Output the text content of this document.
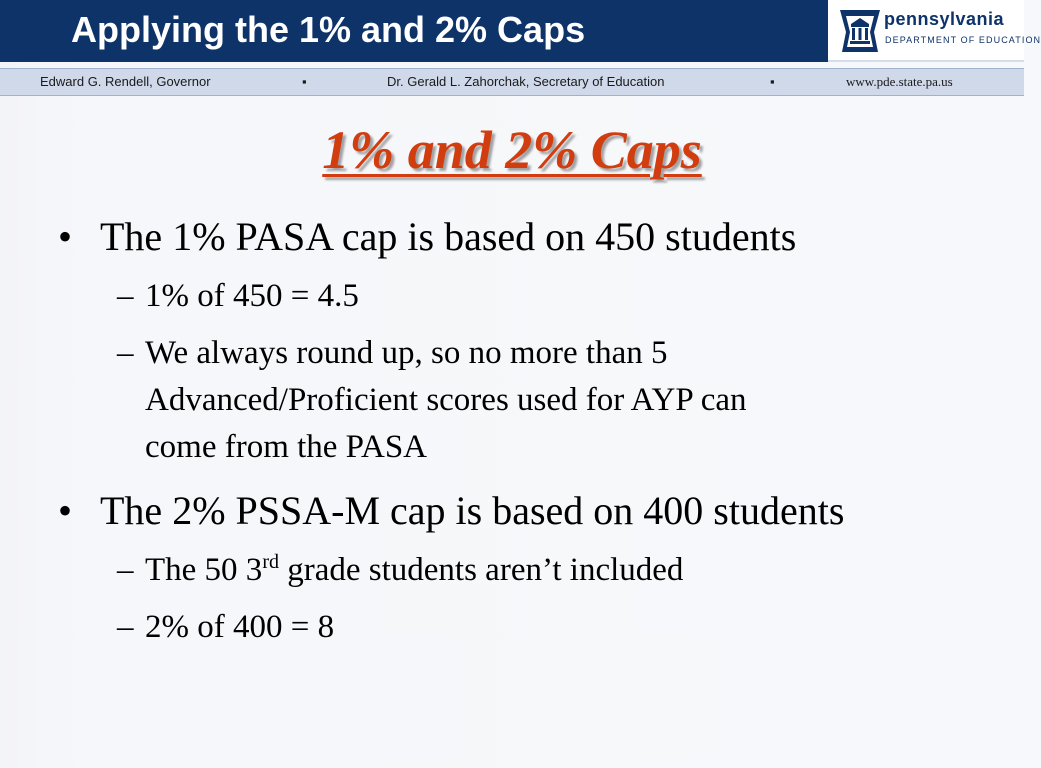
Applying the 1% and 2% Caps	pennsylvania
DEPARTMENT OF EDUCATION
Edward G. Rendell, Governor	▪	Dr. Gerald L. Zahorchak, Secretary of Education	▪	www.pde.state.pa.us
1% and 2% Caps
• The 1% PASA cap is based on 450 students
– 1% of 450 = 4.5
– We always round up, so no more than 5
Advanced/Proficient scores used for AYP can
come from the PASA
• The 2% PSSA-M cap is based on 400 students
– The 50 3rd grade students aren’t included
– 2% of 400 = 8
